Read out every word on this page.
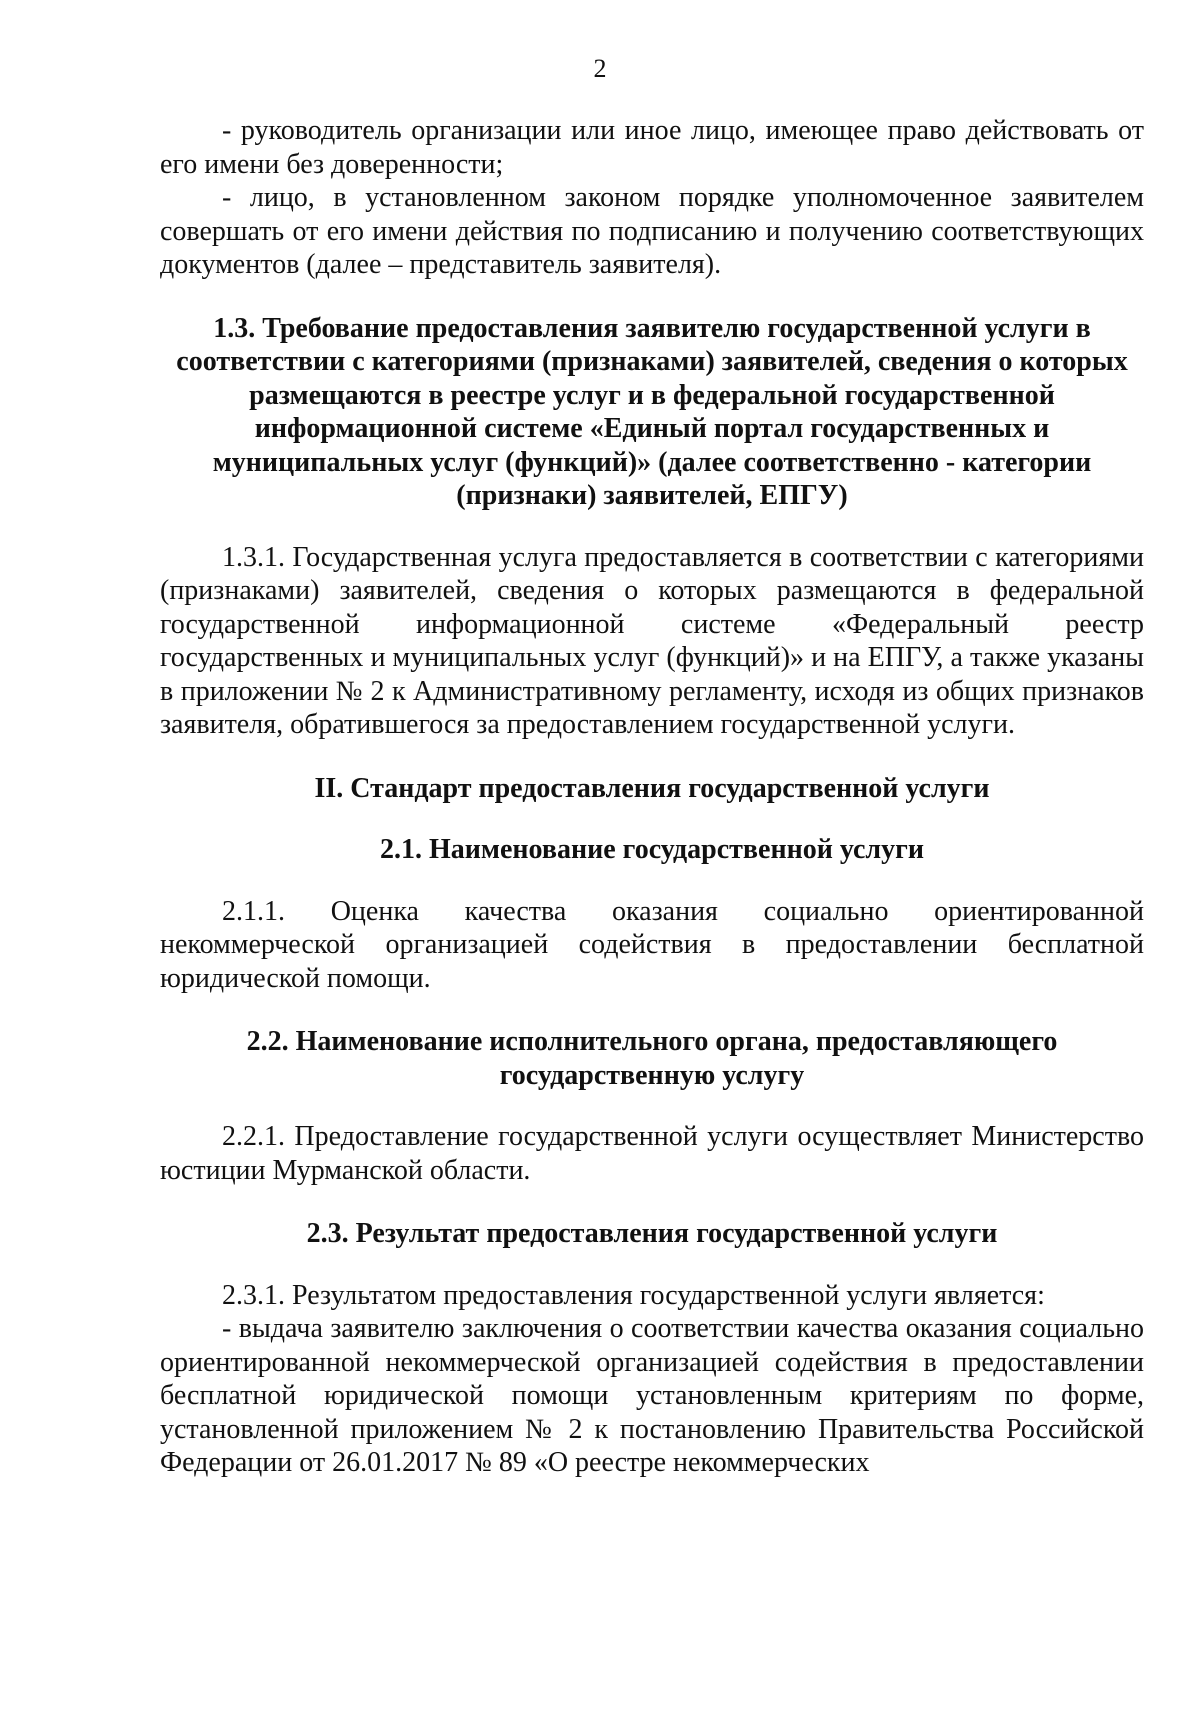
2

- руководитель организации или иное лицо, имеющее право действовать от его имени без доверенности;

- лицо, в установленном законом порядке уполномоченное заявителем совершать от его имени действия по подписанию и получению соответствующих документов (далее – представитель заявителя).

1.3. Требование предоставления заявителю государственной услуги в соответствии с категориями (признаками) заявителей, сведения о которых размещаются в реестре услуг и в федеральной государственной информационной системе «Единый портал государственных и муниципальных услуг (функций)» (далее соответственно - категории (признаки) заявителей, ЕПГУ)

1.3.1. Государственная услуга предоставляется в соответствии с категориями (признаками) заявителей, сведения о которых размещаются в федеральной государственной информационной системе «Федеральный реестр государственных и муниципальных услуг (функций)» и на ЕПГУ, а также указаны в приложении № 2 к Административному регламенту, исходя из общих признаков заявителя, обратившегося за предоставлением государственной услуги.

II. Стандарт предоставления государственной услуги
2.1. Наименование государственной услуги

2.1.1. Оценка качества оказания социально ориентированной некоммерческой организацией содействия в предоставлении бесплатной юридической помощи.

2.2. Наименование исполнительного органа, предоставляющего государственную услугу

2.2.1. Предоставление государственной услуги осуществляет Министерство юстиции Мурманской области.

2.3. Результат предоставления государственной услуги

2.3.1. Результатом предоставления государственной услуги является:

- выдача заявителю заключения о соответствии качества оказания социально ориентированной некоммерческой организацией содействия в предоставлении бесплатной юридической помощи установленным критериям по форме, установленной приложением № 2 к постановлению Правительства Российской Федерации от 26.01.2017 № 89 «О реестре некоммерческих
